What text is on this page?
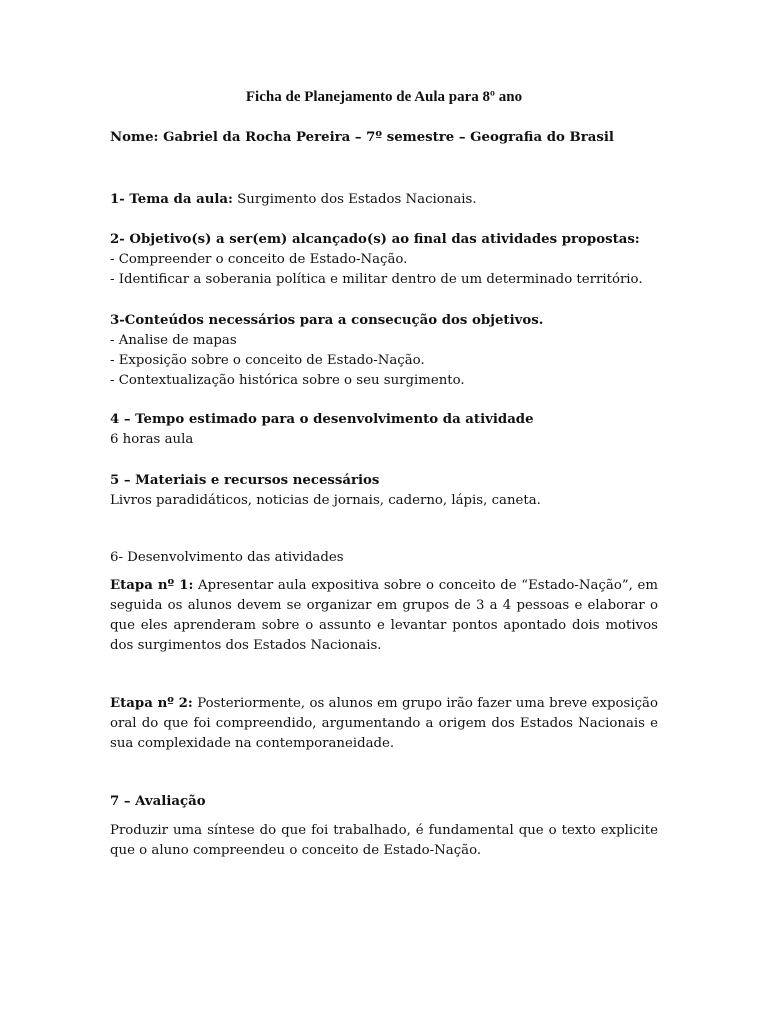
Ficha de Planejamento de Aula para 8º ano

Nome: Gabriel da Rocha Pereira – 7º semestre – Geografia do Brasil

1- Tema da aula: Surgimento dos Estados Nacionais.

2- Objetivo(s) a ser(em) alcançado(s) ao final das atividades propostas:
- Compreender o conceito de Estado-Nação.
- Identificar a soberania política e militar dentro de um determinado território.
3-Conteúdos necessários para a consecução dos objetivos.
- Analise de mapas
- Exposição sobre o conceito de Estado-Nação.
- Contextualização histórica sobre o seu surgimento.
4 – Tempo estimado para o desenvolvimento da atividade
6 horas aula
5 – Materiais e recursos necessários
Livros paradidáticos, noticias de jornais, caderno, lápis, caneta.

6- Desenvolvimento das atividades

Etapa nº 1: Apresentar aula expositiva sobre o conceito de “Estado-Nação”, em seguida os alunos devem se organizar em grupos de 3 a 4 pessoas e elaborar o que eles aprenderam sobre o assunto e levantar pontos apontado dois motivos dos surgimentos dos Estados Nacionais.

Etapa nº 2: Posteriormente, os alunos em grupo irão fazer uma breve exposição oral do que foi compreendido, argumentando a origem dos Estados Nacionais e sua complexidade na contemporaneidade.

7 – Avaliação

Produzir uma síntese do que foi trabalhado, é fundamental que o texto explicite que o aluno compreendeu o conceito de Estado-Nação.
